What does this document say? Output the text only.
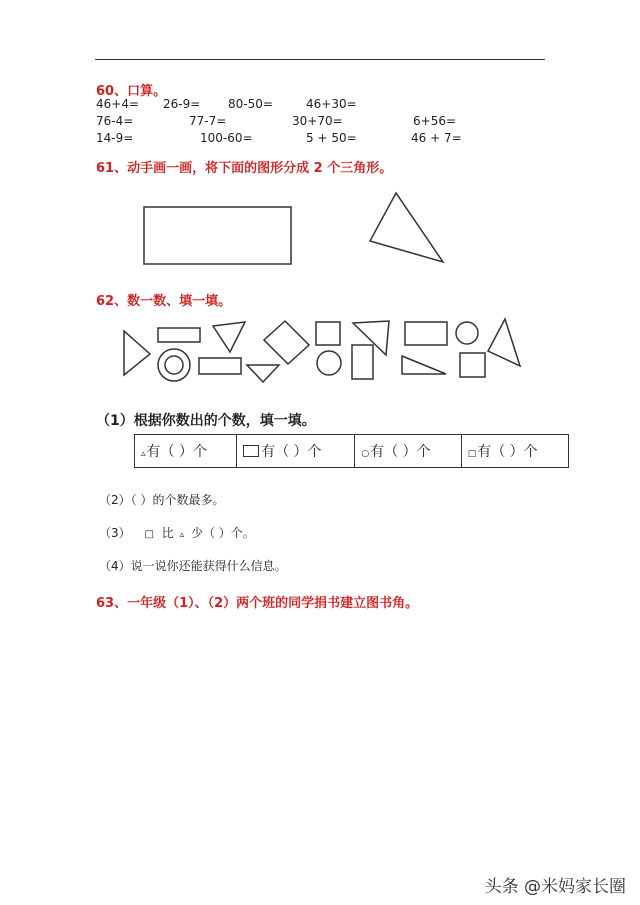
60、口算。
46+4= 26-9= 80-50=	46+30=
76-4=	77-7=	30+70=	6+56=
14-9=	100-60=	5 + 50=	46 + 7=
61、动手画一画，将下面的图形分成 2 个三角形。
62、数一数、填一填。
（1）根据你数出的个数，填一填。
▵有（ ）个	有（ ）个	○有（ ）个	□有（ ）个
（2）（ ）的个数最多。
（3） □ 比 ▵ 少（ ）个。
（4）说一说你还能获得什么信息。
63、一年级（1）、（2）两个班的同学捐书建立图书角。
头条 @米妈家长圈
